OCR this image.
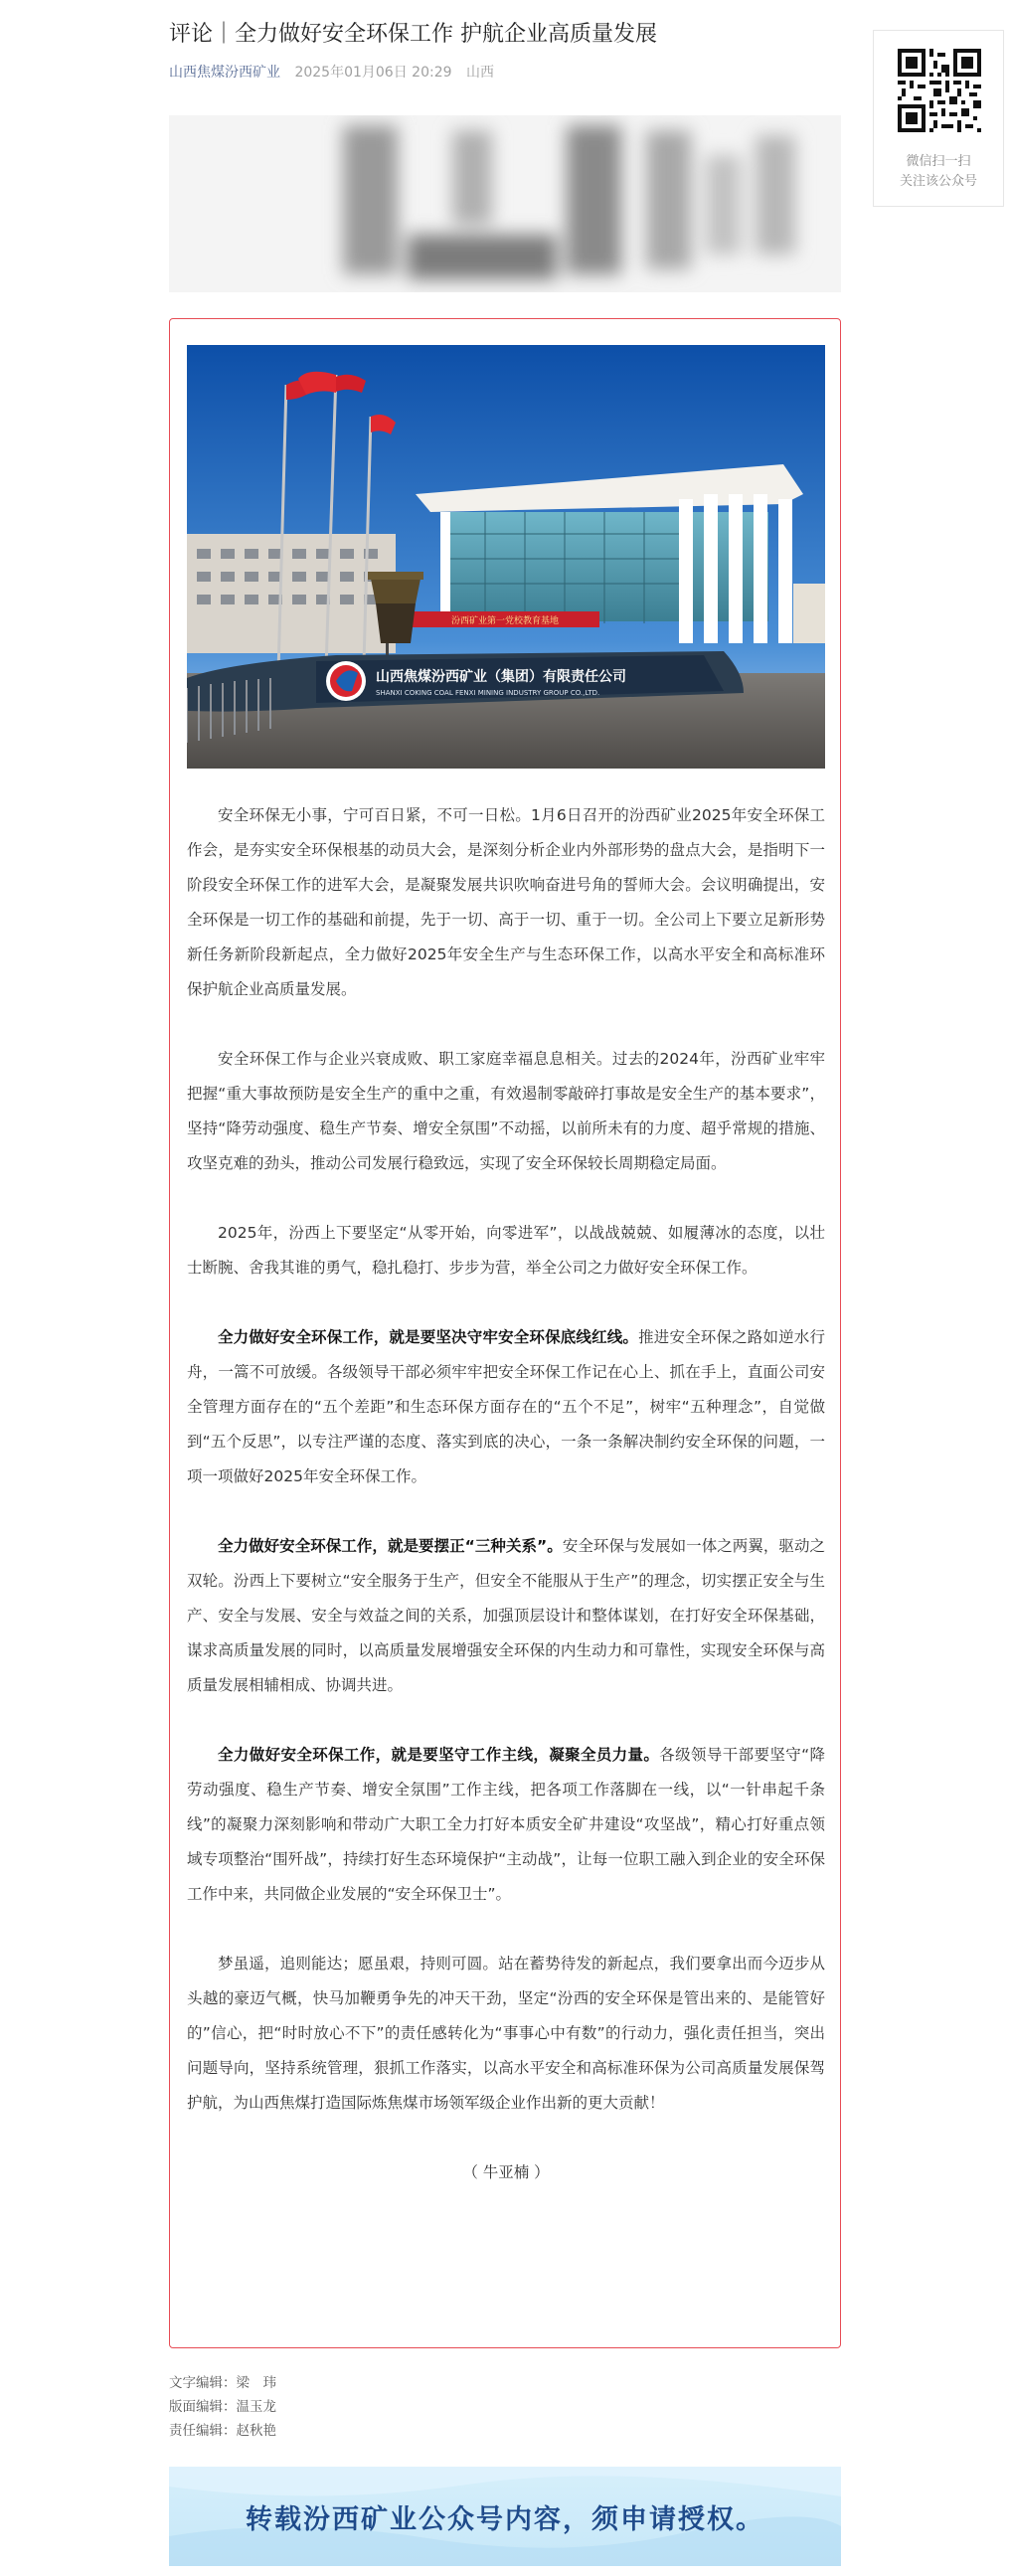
评论｜全力做好安全环保工作 护航企业高质量发展
山西焦煤汾西矿业 2025年01月06日 20:29 山西
微信扫一扫
关注该公众号
汾西矿业第一党校教育基地
山西焦煤汾西矿业（集团）有限责任公司
SHANXI COKING COAL FENXI MINING INDUSTRY GROUP CO.,LTD.

安全环保无小事，宁可百日紧，不可一日松。1月6日召开的汾西矿业2025年安全环保工作会，是夯实安全环保根基的动员大会，是深刻分析企业内外部形势的盘点大会，是指明下一阶段安全环保工作的进军大会，是凝聚发展共识吹响奋进号角的誓师大会。会议明确提出，安全环保是一切工作的基础和前提，先于一切、高于一切、重于一切。全公司上下要立足新形势新任务新阶段新起点，全力做好2025年安全生产与生态环保工作，以高水平安全和高标准环保护航企业高质量发展。

安全环保工作与企业兴衰成败、职工家庭幸福息息相关。过去的2024年，汾西矿业牢牢把握“重大事故预防是安全生产的重中之重，有效遏制零敲碎打事故是安全生产的基本要求”，坚持“降劳动强度、稳生产节奏、增安全氛围”不动摇，以前所未有的力度、超乎常规的措施、攻坚克难的劲头，推动公司发展行稳致远，实现了安全环保较长周期稳定局面。

2025年，汾西上下要坚定“从零开始，向零进军”，以战战兢兢、如履薄冰的态度，以壮士断腕、舍我其谁的勇气，稳扎稳打、步步为营，举全公司之力做好安全环保工作。

全力做好安全环保工作，就是要坚决守牢安全环保底线红线。推进安全环保之路如逆水行舟，一篙不可放缓。各级领导干部必须牢牢把安全环保工作记在心上、抓在手上，直面公司安全管理方面存在的“五个差距”和生态环保方面存在的“五个不足”，树牢“五种理念”，自觉做到“五个反思”，以专注严谨的态度、落实到底的决心，一条一条解决制约安全环保的问题，一项一项做好2025年安全环保工作。

全力做好安全环保工作，就是要摆正“三种关系”。安全环保与发展如一体之两翼，驱动之双轮。汾西上下要树立“安全服务于生产，但安全不能服从于生产”的理念，切实摆正安全与生产、安全与发展、安全与效益之间的关系，加强顶层设计和整体谋划，在打好安全环保基础，谋求高质量发展的同时，以高质量发展增强安全环保的内生动力和可靠性，实现安全环保与高质量发展相辅相成、协调共进。

全力做好安全环保工作，就是要坚守工作主线，凝聚全员力量。各级领导干部要坚守“降劳动强度、稳生产节奏、增安全氛围”工作主线，把各项工作落脚在一线，以“一针串起千条线”的凝聚力深刻影响和带动广大职工全力打好本质安全矿井建设“攻坚战”，精心打好重点领域专项整治“围歼战”，持续打好生态环境保护“主动战”，让每一位职工融入到企业的安全环保工作中来，共同做企业发展的“安全环保卫士”。

梦虽遥，追则能达；愿虽艰，持则可圆。站在蓄势待发的新起点，我们要拿出而今迈步从头越的豪迈气概，快马加鞭勇争先的冲天干劲，坚定“汾西的安全环保是管出来的、是能管好的”信心，把“时时放心不下”的责任感转化为“事事心中有数”的行动力，强化责任担当，突出问题导向，坚持系统管理，狠抓工作落实，以高水平安全和高标准环保为公司高质量发展保驾护航，为山西焦煤打造国际炼焦煤市场领军级企业作出新的更大贡献！

（ 牛亚楠 ）

文字编辑：梁　玮
版面编辑：温玉龙
责任编辑：赵秋艳
转载汾西矿业公众号内容，须申请授权。
